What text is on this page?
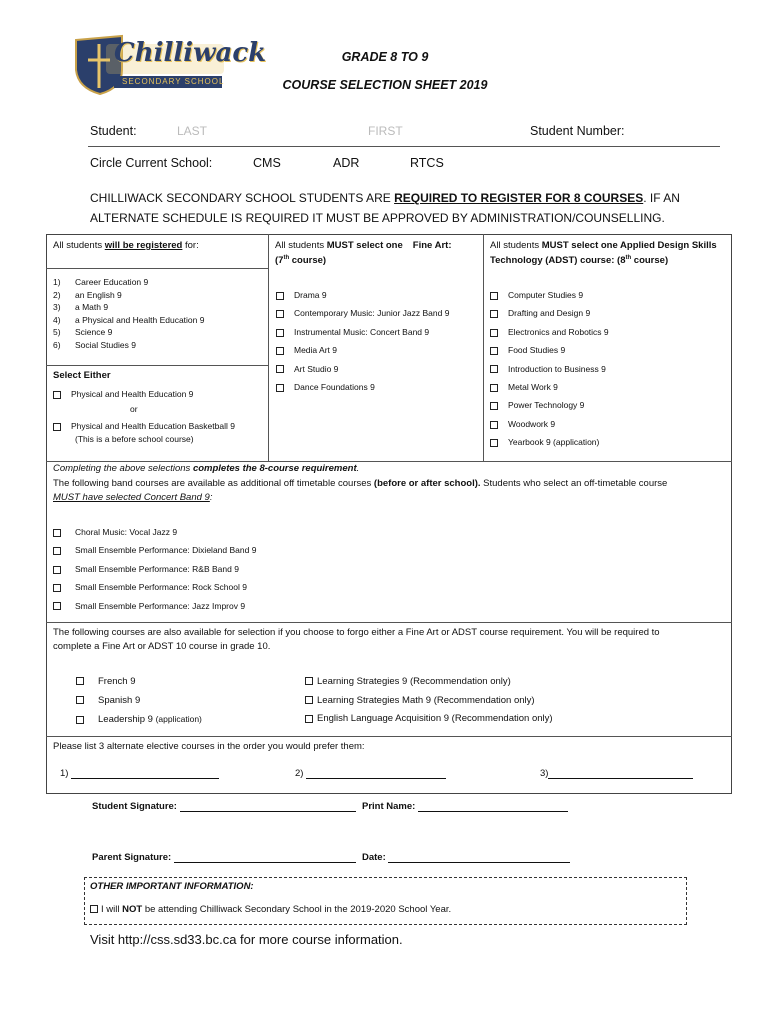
Chilliwack
SECONDARY SCHOOL
GRADE 8 TO 9
COURSE SELECTION SHEET 2019
Student:	LAST	FIRST	Student Number:
Circle Current School:	CMS	ADR	RTCS
CHILLIWACK SECONDARY SCHOOL STUDENTS ARE REQUIRED TO REGISTER FOR 8 COURSES. IF AN
ALTERNATE SCHEDULE IS REQUIRED IT MUST BE APPROVED BY ADMINISTRATION/COUNSELLING.
All students will be registered for:
1) Career Education 9
2) an English 9
3) a Math 9
4) a Physical and Health Education 9
5) Science 9
6) Social Studies 9
Select Either
Physical and Health Education 9
or
Physical and Health Education Basketball 9
(This is a before school course)
All students MUST select one Fine Art:
(7th course)
Drama 9
Contemporary Music: Junior Jazz Band 9
Instrumental Music: Concert Band 9
Media Art 9
Art Studio 9
Dance Foundations 9
All students MUST select one Applied Design Skills
Technology (ADST) course: (8th course)
Computer Studies 9
Drafting and Design 9
Electronics and Robotics 9
Food Studies 9
Introduction to Business 9
Metal Work 9
Power Technology 9
Woodwork 9
Yearbook 9 (application)
Completing the above selections completes the 8-course requirement.
The following band courses are available as additional off timetable courses (before or after school). Students who select an off-timetable course
MUST have selected Concert Band 9:
Choral Music: Vocal Jazz 9
Small Ensemble Performance: Dixieland Band 9
Small Ensemble Performance: R&B Band 9
Small Ensemble Performance: Rock School 9
Small Ensemble Performance: Jazz Improv 9
The following courses are also available for selection if you choose to forgo either a Fine Art or ADST course requirement. You will be required to
complete a Fine Art or ADST 10 course in grade 10.
French 9
Spanish 9
Leadership 9 (application)
Learning Strategies 9 (Recommendation only)
Learning Strategies Math 9 (Recommendation only)
English Language Acquisition 9 (Recommendation only)
Please list 3 alternate elective courses in the order you would prefer them:
1)	2)	3)
Student Signature:	Print Name:
Parent Signature:	Date:
OTHER IMPORTANT INFORMATION:
I will NOT be attending Chilliwack Secondary School in the 2019-2020 School Year.
Visit http://css.sd33.bc.ca for more course information.
